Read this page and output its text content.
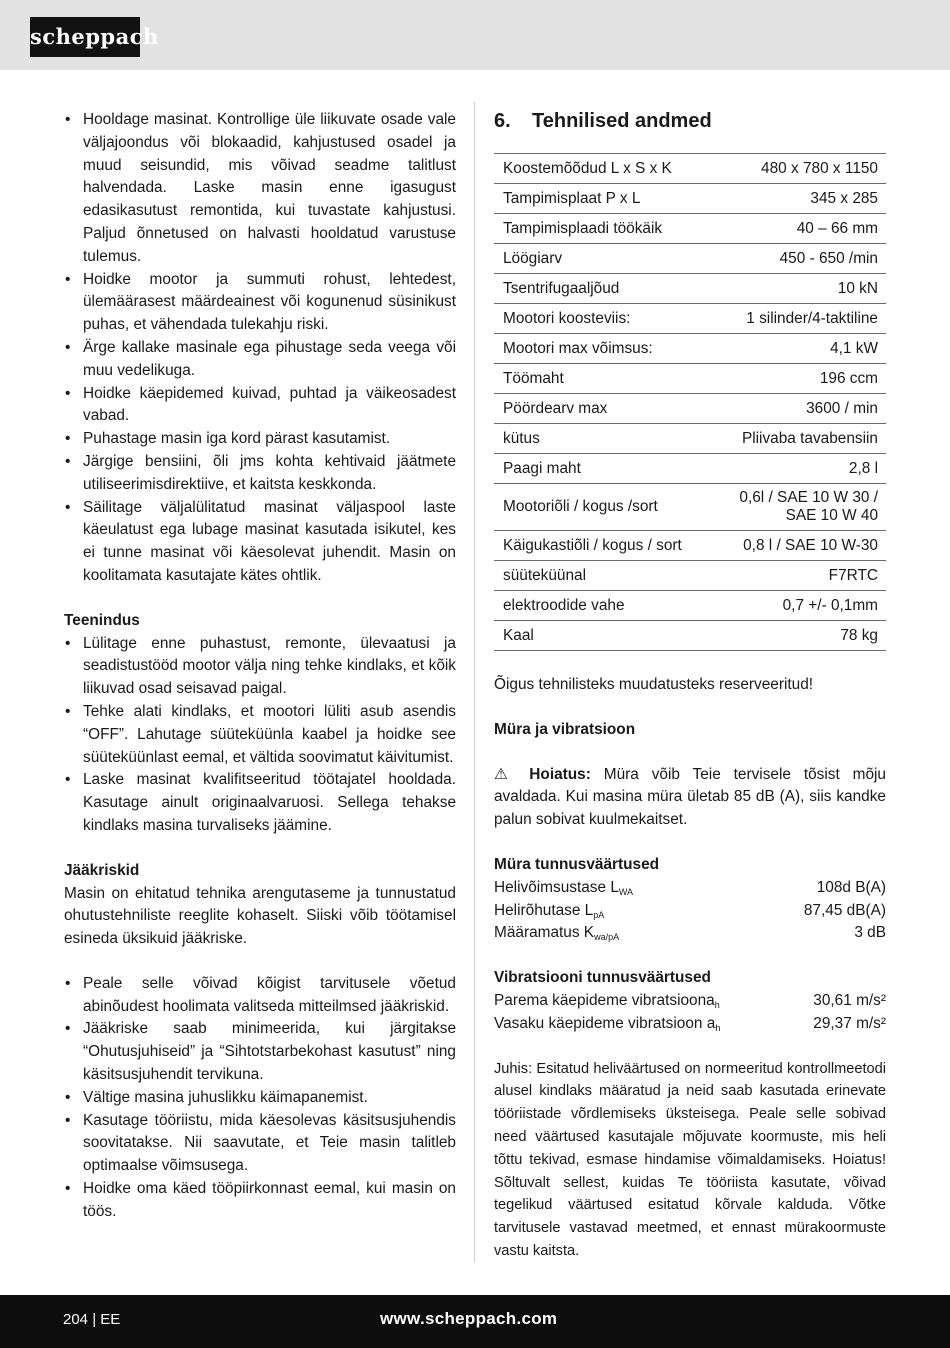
scheppach
• Hooldage masinat. Kontrollige üle liikuvate osade vale väljajoondus või blokaadid, kahjustused osadel ja muud seisundid, mis võivad seadme talitlust halvendada. Laske masin enne igasugust edasikasutust remontida, kui tuvastate kahjustusi. Paljud õnnetused on halvasti hooldatud varustuse tulemus.
• Hoidke mootor ja summuti rohust, lehtedest, ülemäärasest määrdeainest või kogunenud süsinikust puhas, et vähendada tulekahju riski.
• Ärge kallake masinale ega pihustage seda veega või muu vedelikuga.
• Hoidke käepidemed kuivad, puhtad ja väikeosadest vabad.
• Puhastage masin iga kord pärast kasutamist.
• Järgige bensiini, õli jms kohta kehtivaid jäätmete utiliseerimisdirektiive, et kaitsta keskkonda.
• Säilitage väljalülitatud masinat väljaspool laste käeulatust ega lubage masinat kasutada isikutel, kes ei tunne masinat või käesolevat juhendit. Masin on koolitamata kasutajate kätes ohtlik.
Teenindus
• Lülitage enne puhastust, remonte, ülevaatusi ja seadistustööd mootor välja ning tehke kindlaks, et kõik liikuvad osad seisavad paigal.
• Tehke alati kindlaks, et mootori lüliti asub asendis “OFF”. Lahutage süüteküünla kaabel ja hoidke see süüteküünlast eemal, et vältida soovimatut käivitumist.
• Laske masinat kvalifitseeritud töötajatel hooldada. Kasutage ainult originaalvaruosi. Sellega tehakse kindlaks masina turvaliseks jäämine.
Jääkriskid

Masin on ehitatud tehnika arengutaseme ja tunnustatud ohutustehniliste reeglite kohaselt. Siiski võib töötamisel esineda üksikuid jääkriske.

• Peale selle võivad kõigist tarvitusele võetud abinõudest hoolimata valitseda mitteilmsed jääkriskid.
• Jääkriske saab minimeerida, kui järgitakse “Ohutusjuhiseid” ja “Sihtotstarbekohast kasutust” ning käsitsusjuhendit tervikuna.
• Vältige masina juhuslikku käimapanemist.
• Kasutage tööriistu, mida käesolevas käsitsusjuhendis soovitatakse. Nii saavutate, et Teie masin talitleb optimaalse võimsusega.
• Hoidke oma käed tööpiirkonnast eemal, kui masin on töös.
6. Tehnilised andmed
Koostemõõdud L x S x K	480 x 780 x 1150
Tampimisplaat P x L	345 x 285
Tampimisplaadi töökäik	40 – 66 mm
Löögiarv	450 - 650 /min
Tsentrifugaaljõud	10 kN
Mootori koosteviis:	1 silinder/4-taktiline
Mootori max võimsus:	4,1 kW
Töömaht	196 ccm
Pöördearv max	3600 / min
kütus	Pliivaba tavabensiin
Paagi maht	2,8 l
Mootoriõli / kogus /sort	0,6l / SAE 10 W 30 /
SAE 10 W 40
Käigukastiõli / kogus / sort	0,8 l / SAE 10 W-30
süüteküünal	F7RTC
elektroodide vahe	0,7 +/- 0,1mm
Kaal	78 kg

Õigus tehnilisteks muudatusteks reserveeritud!

Müra ja vibratsioon

⚠ Hoiatus: Müra võib Teie tervisele tõsist mõju avaldada. Kui masina müra ületab 85 dB (A), siis kandke palun sobivat kuulmekaitset.

Müra tunnusväärtused
Helivõimsustase $L_{WA}$	108d B(A)
Helirõhutase $L_{pA}$	87,45 dB(A)
Määramatus $K_{wa/pA}$	3 dB
Vibratsiooni tunnusväärtused
Parema käepideme vibratsioona$_h$	30,61 m/s²
Vasaku käepideme vibratsioon $a_h$	29,37 m/s²

Juhis: Esitatud heliväärtused on normeeritud kontrollmeetodi alusel kindlaks määratud ja neid saab kasutada erinevate tööriistade võrdlemiseks üksteisega. Peale selle sobivad need väärtused kasutajale mõjuvate koormuste, mis heli tõttu tekivad, esmase hindamise võimaldamiseks. Hoiatus! Sõltuvalt sellest, kuidas Te tööriista kasutate, võivad tegelikud väärtused esitatud kõrvale kalduda. Võtke tarvitusele vastavad meetmed, et ennast mürakoormuste vastu kaitsta.

204 | EE	www.scheppach.com
